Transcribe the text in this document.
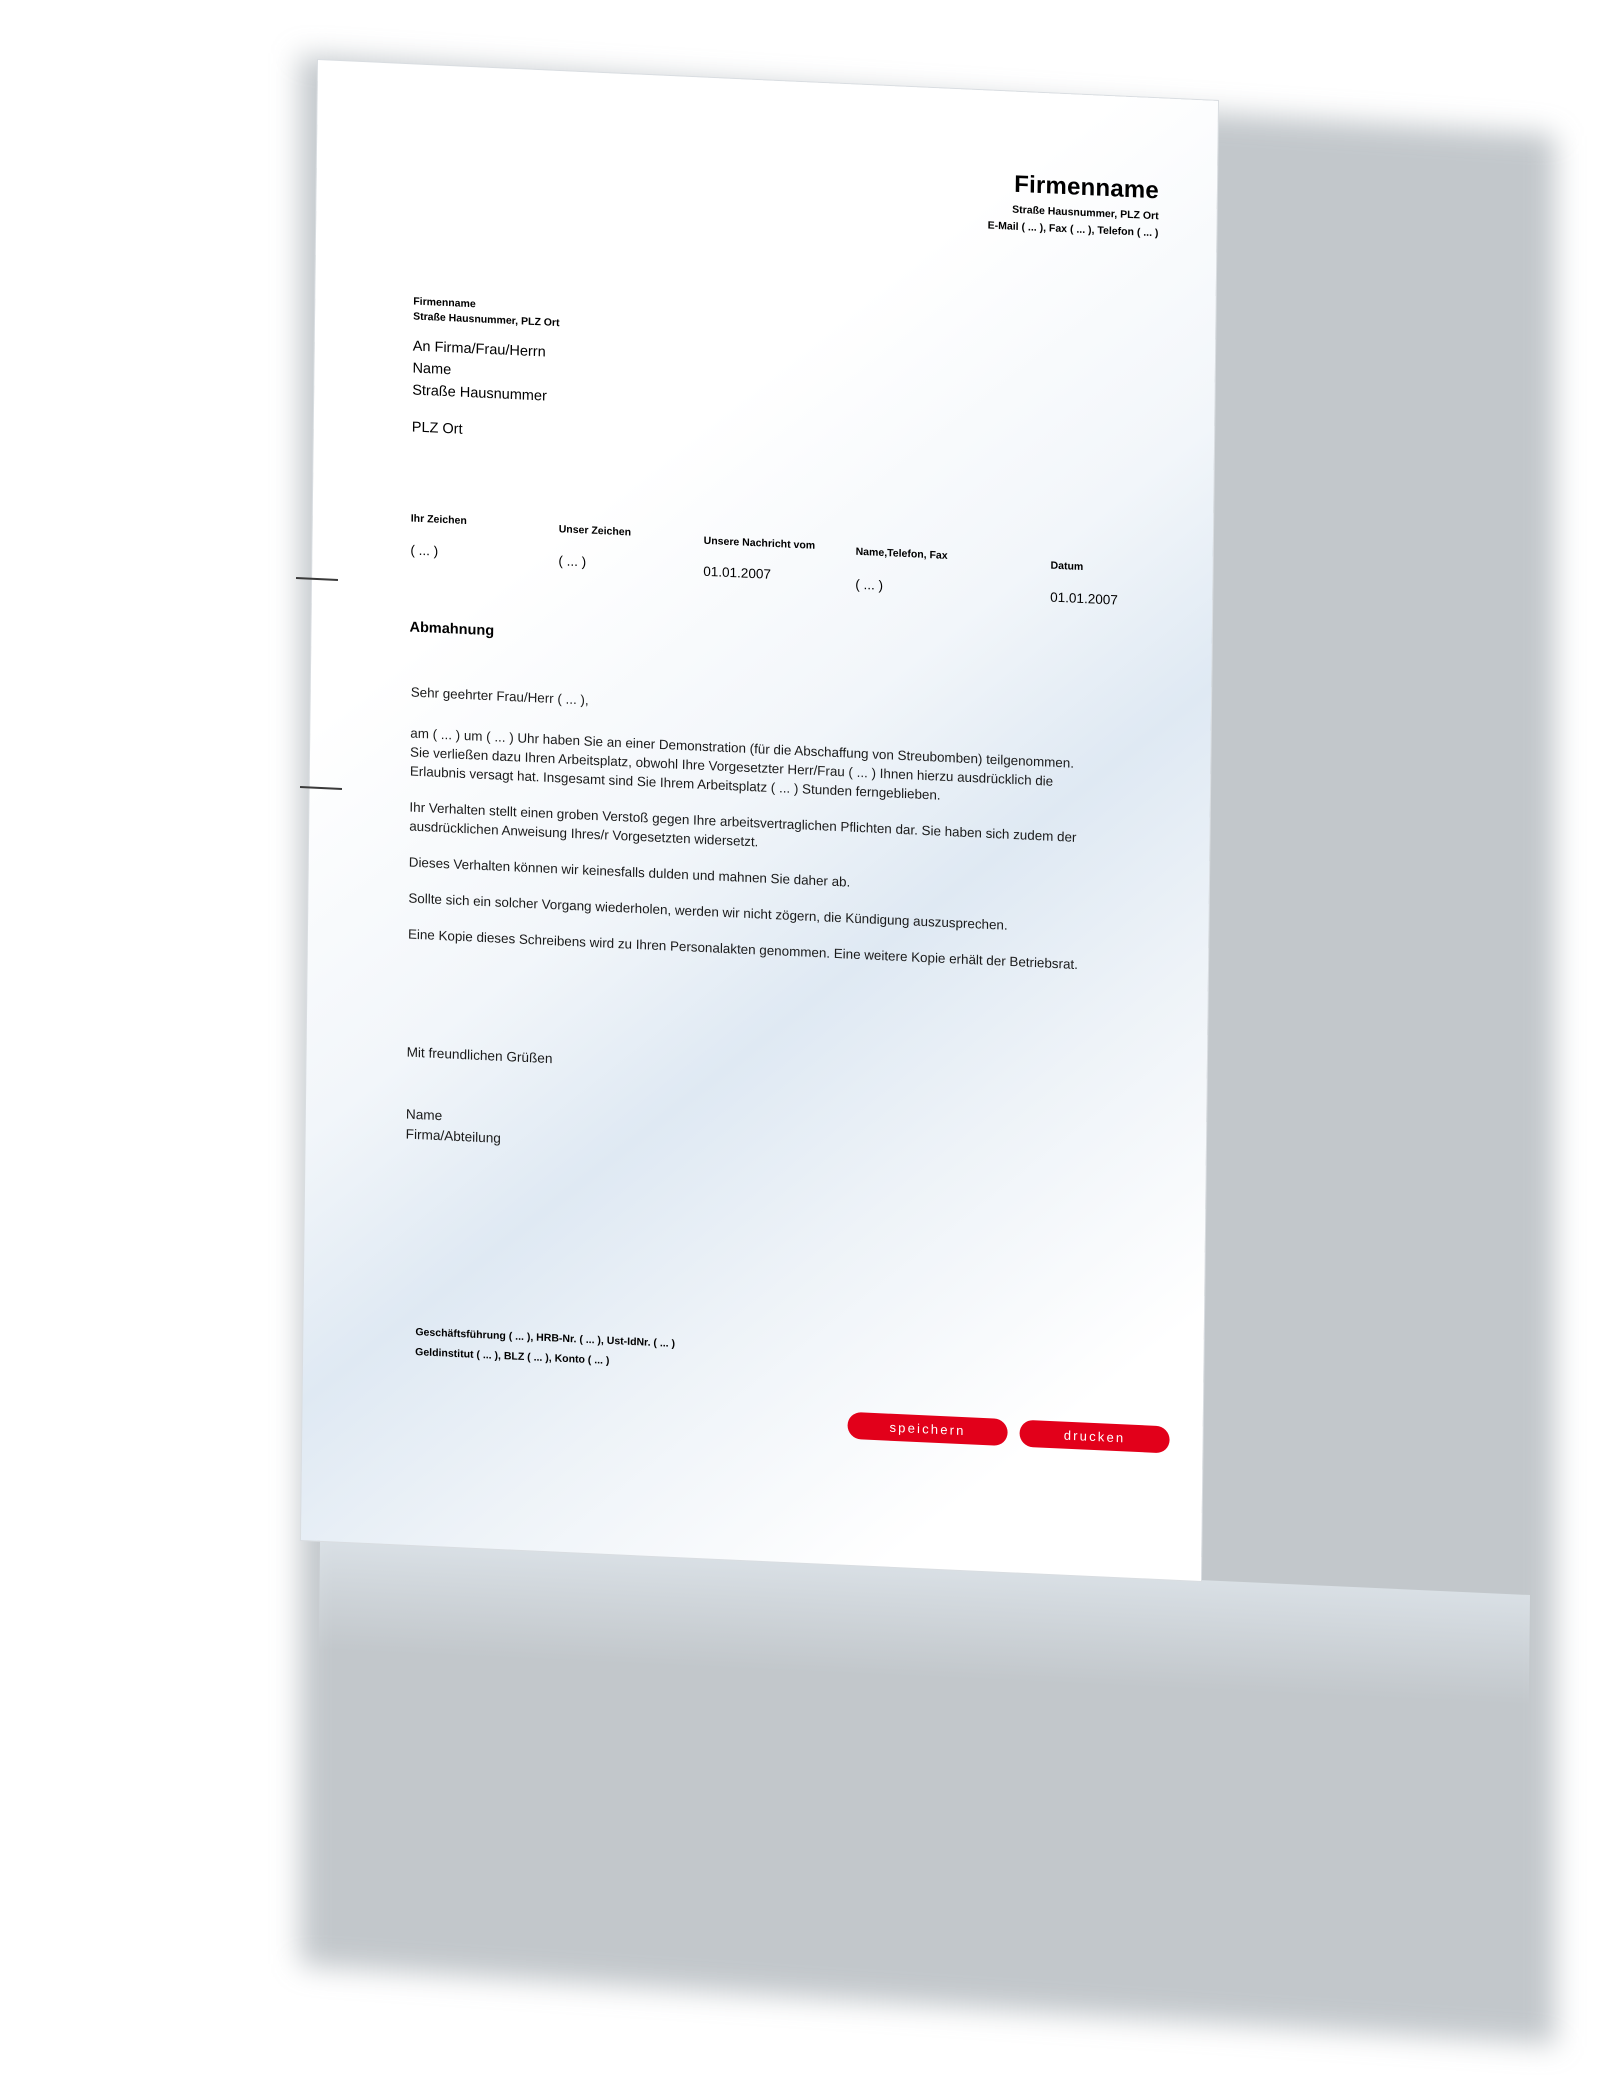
Firmenname
Straße Hausnummer, PLZ Ort
E-Mail ( ... ), Fax ( ... ), Telefon ( ... )
Firmenname
Straße Hausnummer, PLZ Ort
An Firma/Frau/Herrn
Name
Straße Hausnummer
PLZ Ort
Ihr Zeichen
Unser Zeichen
Unsere Nachricht vom
Name,Telefon, Fax
Datum
( ... )
( ... )
01.01.2007
( ... )
01.01.2007
Abmahnung

Sehr geehrter Frau/Herr ( ... ),

am ( ... ) um ( ... ) Uhr haben Sie an einer Demonstration (für die Abschaffung von Streubomben) teilgenommen. Sie verließen dazu Ihren Arbeitsplatz, obwohl Ihre Vorgesetzter Herr/Frau ( ... ) Ihnen hierzu ausdrücklich die Erlaubnis versagt hat. Insgesamt sind Sie Ihrem Arbeitsplatz ( ... ) Stunden ferngeblieben.

Ihr Verhalten stellt einen groben Verstoß gegen Ihre arbeitsvertraglichen Pflichten dar. Sie haben sich zudem der ausdrücklichen Anweisung Ihres/r Vorgesetzten widersetzt.

Dieses Verhalten können wir keinesfalls dulden und mahnen Sie daher ab.

Sollte sich ein solcher Vorgang wiederholen, werden wir nicht zögern, die Kündigung auszusprechen.

Eine Kopie dieses Schreibens wird zu Ihren Personalakten genommen. Eine weitere Kopie erhält der Betriebsrat.

Mit freundlichen Grüßen
Name
Firma/Abteilung
Geschäftsführung ( ... ), HRB-Nr. ( ... ), Ust-IdNr. ( ... )
Geldinstitut ( ... ), BLZ ( ... ), Konto ( ... )
speichern	drucken
